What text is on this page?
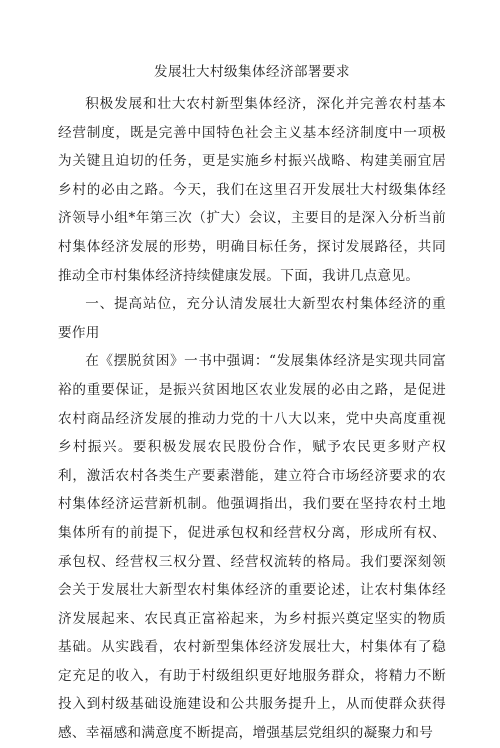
发展壮大村级集体经济部署要求

积极发展和壮大农村新型集体经济，深化并完善农村基本经营制度，既是完善中国特色社会主义基本经济制度中一项极为关键且迫切的任务，更是实施乡村振兴战略、构建美丽宜居乡村的必由之路。今天，我们在这里召开发展壮大村级集体经济领导小组*年第三次（扩大）会议，主要目的是深入分析当前村集体经济发展的形势，明确目标任务，探讨发展路径，共同推动全市村集体经济持续健康发展。下面，我讲几点意见。

一、提高站位，充分认清发展壮大新型农村集体经济的重要作用

在《摆脱贫困》一书中强调：“发展集体经济是实现共同富裕的重要保证，是振兴贫困地区农业发展的必由之路，是促进农村商品经济发展的推动力党的十八大以来，党中央高度重视乡村振兴。要积极发展农民股份合作，赋予农民更多财产权利，激活农村各类生产要素潜能，建立符合市场经济要求的农村集体经济运营新机制。他强调指出，我们要在坚持农村土地集体所有的前提下，促进承包权和经营权分离，形成所有权、承包权、经营权三权分置、经营权流转的格局。我们要深刻领会关于发展壮大新型农村集体经济的重要论述，让农村集体经济发展起来、农民真正富裕起来，为乡村振兴奠定坚实的物质基础。从实践看，农村新型集体经济发展壮大，村集体有了稳定充足的收入，有助于村级组织更好地服务群众，将精力不断投入到村级基础设施建设和公共服务提升上，从而使群众获得感、幸福感和满意度不断提高，增强基层党组织的凝聚力和号
